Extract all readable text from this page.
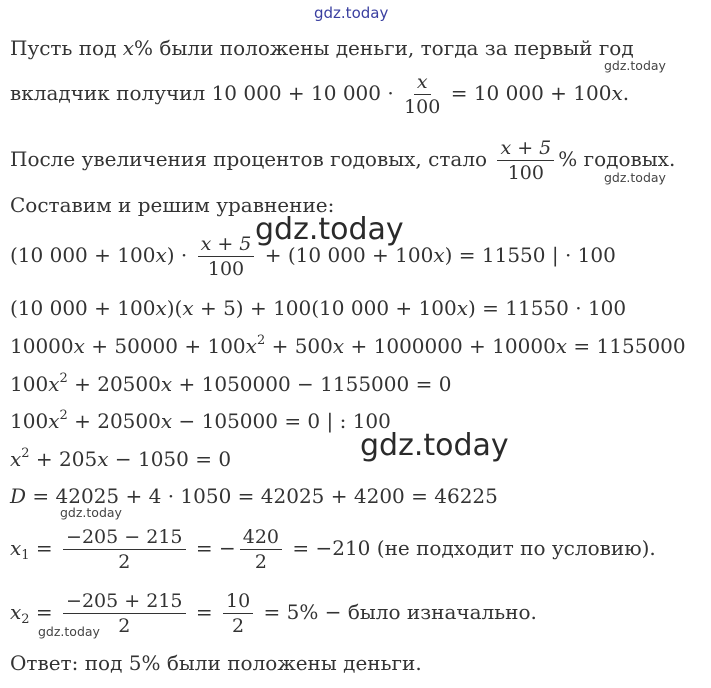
gdz.today
gdz.today
gdz.today
gdz.today
gdz.today
gdz.today
gdz.today
Пусть под x% были положены деньги, тогда за первый год
вкладчик получил 10 000 + 10 $000 \cdot \frac{x}{100} = 10$ 000 + 100x.
После увеличения процентов годовых, стало $\frac{x + 5}{100}$ % годовых.
Составим и решим уравнение:
(10 $000 + 100x) \cdot \frac{x + 5}{100} + (10$ 000 + 100x) = 11550 | · 100
(10 000 + 100x)(x + 5) + 100(10 000 + 100x) = 11550 · 100
$10000x + 50000 + 100x^2 + 500x + 1000000 + 10000x = 1155000$
$100x^2 + 20500x + 1050000 - 1155000 = 0$
$100x^2 + 20500x - 105000 = 0$ | : 100
$x^2 + 205x - 1050 = 0$
D = 42025 + 4 · 1050 = 42025 + 4200 = 46225
$x_1 = \frac{-205 - 215}{2}$ = − $\frac{420}{2} = -210$ (не подходит по условию).
$x_2 = \frac{-205 + 215}{2} = \frac{10}{2} = 5\%$ − было изначально.
Ответ: под 5% были положены деньги.
